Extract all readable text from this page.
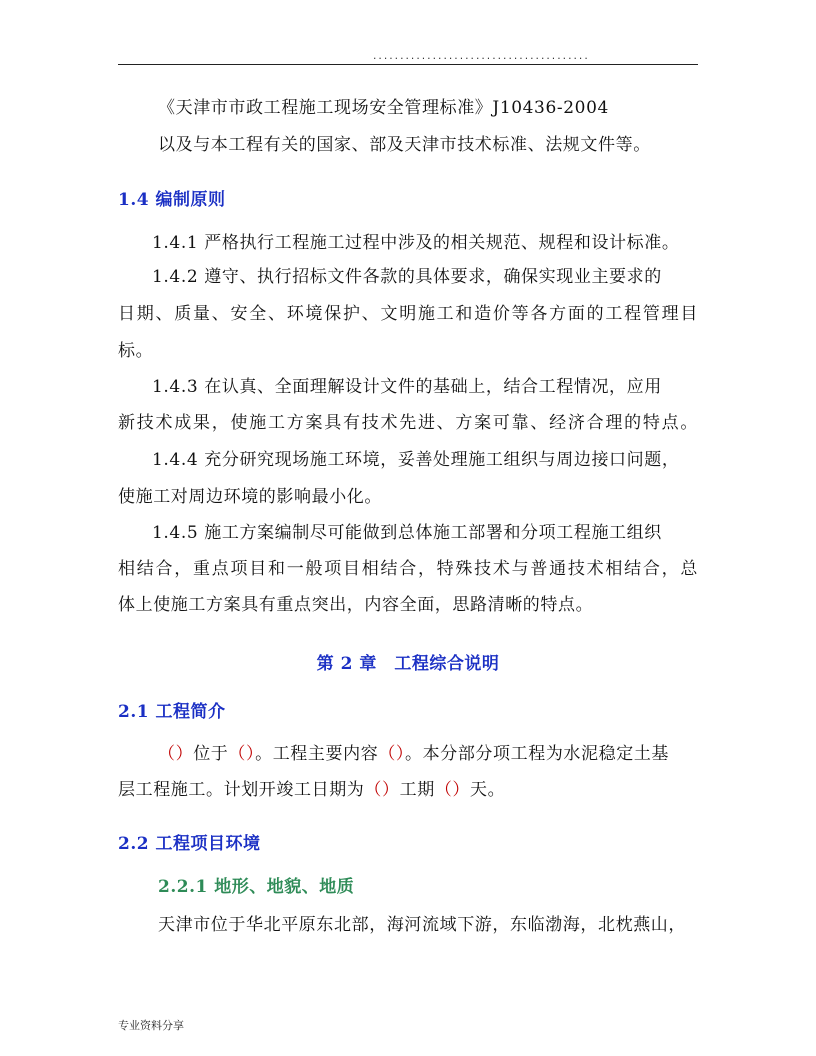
........................................
《天津市市政工程施工现场安全管理标准》J10436-2004
以及与本工程有关的国家、部及天津市技术标准、法规文件等。
1.4 编制原则
1.4.1 严格执行工程施工过程中涉及的相关规范、规程和设计标准。
1.4.2 遵守、执行招标文件各款的具体要求，确保实现业主要求的
日期、质量、安全、环境保护、文明施工和造价等各方面的工程管理目
标。
1.4.3 在认真、全面理解设计文件的基础上，结合工程情况，应用
新技术成果，使施工方案具有技术先进、方案可靠、经济合理的特点。
1.4.4 充分研究现场施工环境，妥善处理施工组织与周边接口问题，
使施工对周边环境的影响最小化。
1.4.5 施工方案编制尽可能做到总体施工部署和分项工程施工组织
相结合，重点项目和一般项目相结合，特殊技术与普通技术相结合，总
体上使施工方案具有重点突出，内容全面，思路清晰的特点。
第 2 章　工程综合说明
2.1 工程简介
（）位于（）。工程主要内容（）。本分部分项工程为水泥稳定土基
层工程施工。计划开竣工日期为（）工期（）天。
2.2 工程项目环境
2.2.1 地形、地貌、地质
天津市位于华北平原东北部，海河流域下游，东临渤海，北枕燕山，
专业资料分享
